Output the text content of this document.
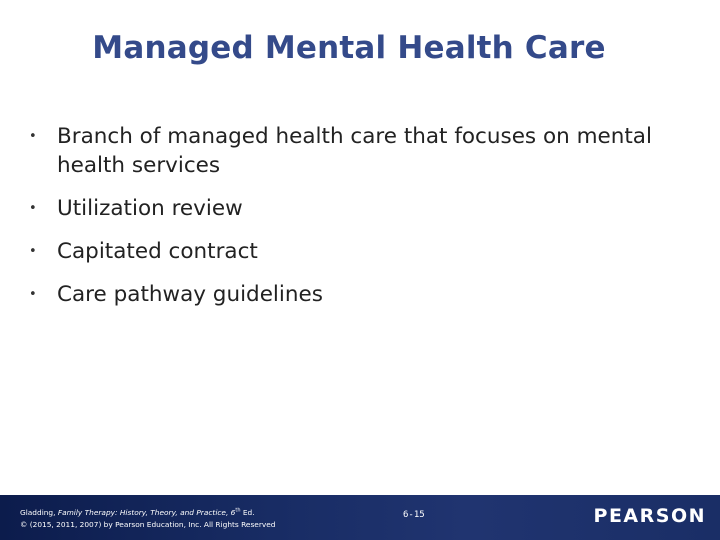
Managed Mental Health Care
• Branch of managed health care that focuses on mental health services
• Utilization review
• Capitated contract
• Care pathway guidelines
Gladding, Family Therapy: History, Theory, and Practice, 6th Ed.
© (2015, 2011, 2007) by Pearson Education, Inc. All Rights Reserved
6-15	PEARSON
